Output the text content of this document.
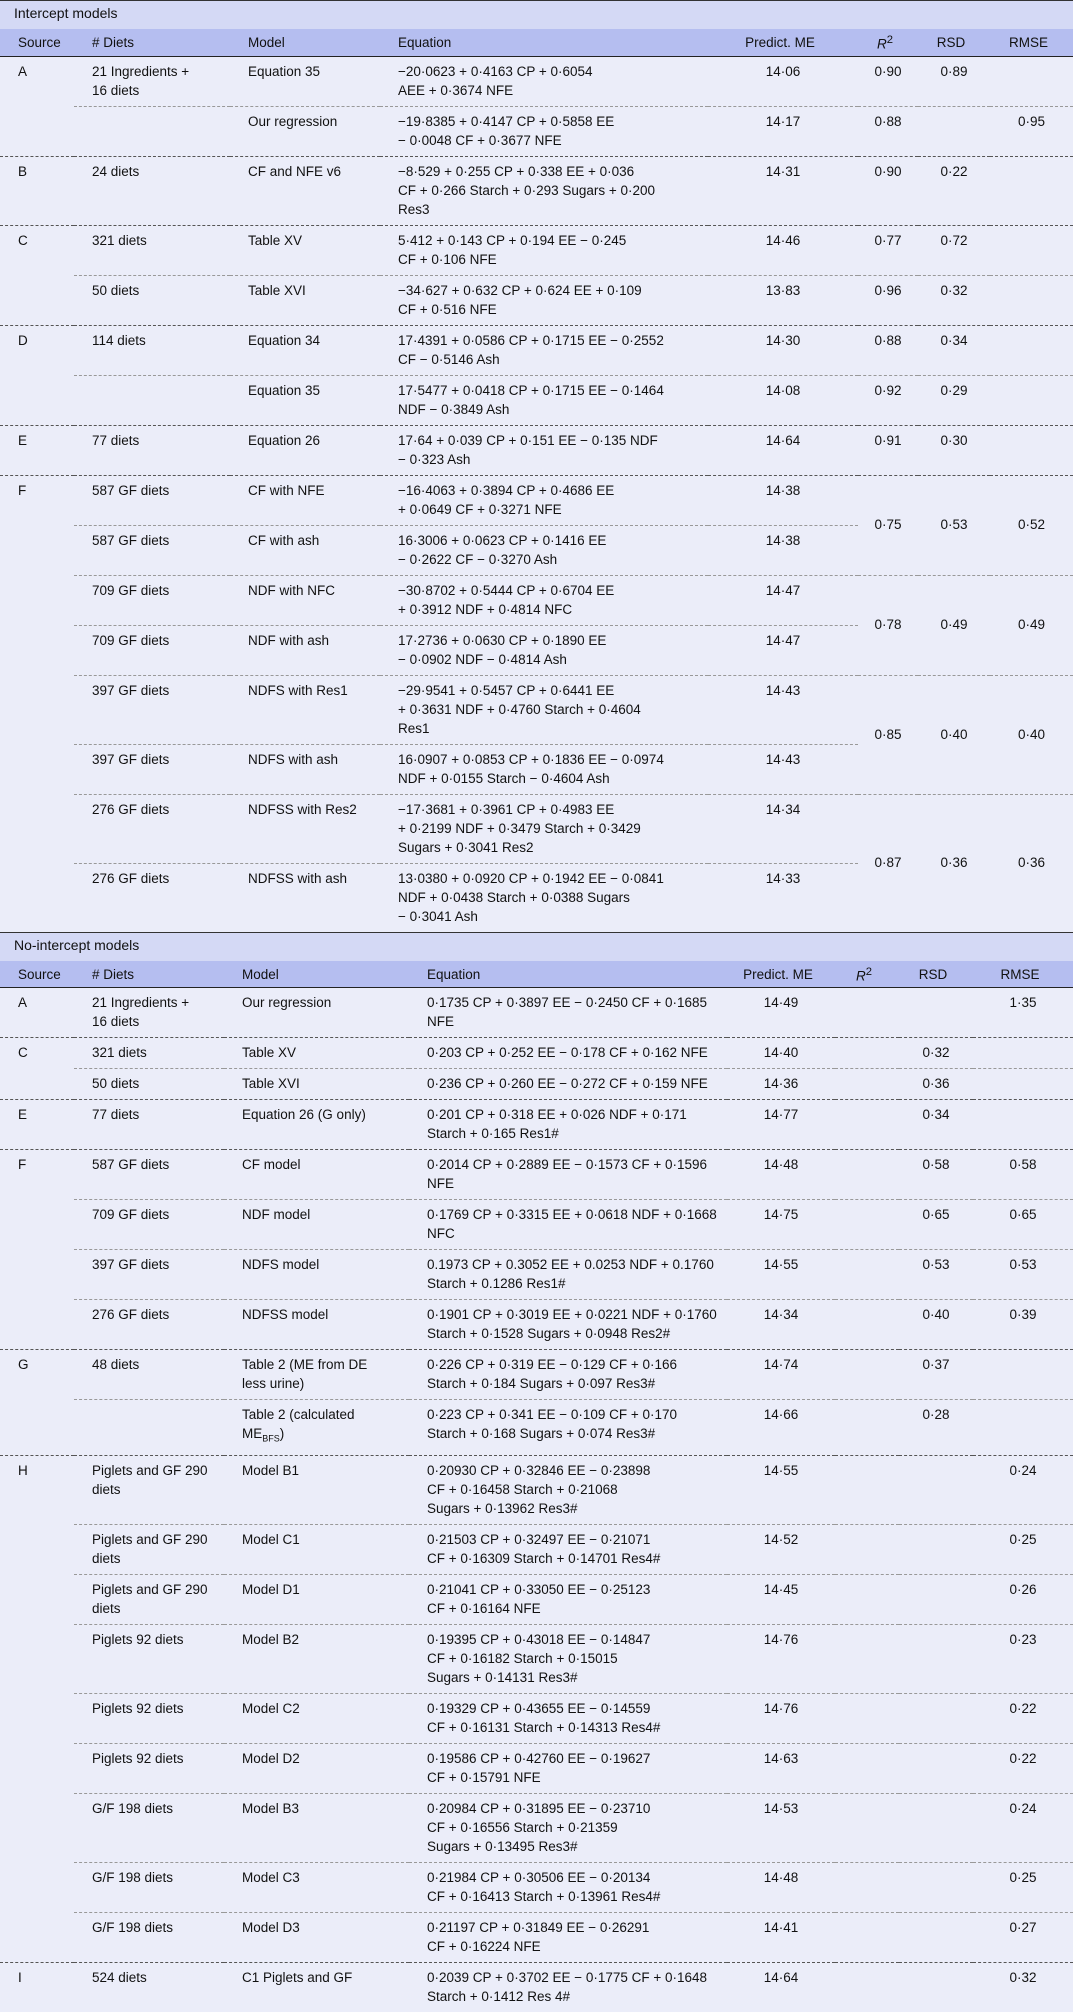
Intercept models
Source	# Diets	Model	Equation	Predict. ME	$R^2$	RSD	RMSE
A	21 Ingredients +
16 diets	Equation 35	−20·0623 + 0·4163 CP + 0·6054
AEE + 0·3674 NFE	14·06	0·90	0·89	
		Our regression	−19·8385 + 0·4147 CP + 0·5858 EE
− 0·0048 CF + 0·3677 NFE	14·17	0·88		0·95
B	24 diets	CF and NFE v6	−8·529 + 0·255 CP + 0·338 EE + 0·036
CF + 0·266 Starch + 0·293 Sugars + 0·200
Res3	14·31	0·90	0·22	
C	321 diets	Table XV	5·412 + 0·143 CP + 0·194 EE − 0·245
CF + 0·106 NFE	14·46	0·77	0·72	
	50 diets	Table XVI	−34·627 + 0·632 CP + 0·624 EE + 0·109
CF + 0·516 NFE	13·83	0·96	0·32	
D	114 diets	Equation 34	17·4391 + 0·0586 CP + 0·1715 EE − 0·2552
CF − 0·5146 Ash	14·30	0·88	0·34	
		Equation 35	17·5477 + 0·0418 CP + 0·1715 EE − 0·1464
NDF − 0·3849 Ash	14·08	0·92	0·29	
E	77 diets	Equation 26	17·64 + 0·039 CP + 0·151 EE − 0·135 NDF
− 0·323 Ash	14·64	0·91	0·30	
F	587 GF diets	CF with NFE	−16·4063 + 0·3894 CP + 0·4686 EE
+ 0·0649 CF + 0·3271 NFE	14·38	0·75	0·53	0·52
	587 GF diets	CF with ash	16·3006 + 0·0623 CP + 0·1416 EE
− 0·2622 CF − 0·3270 Ash	14·38			
	709 GF diets	NDF with NFC	−30·8702 + 0·5444 CP + 0·6704 EE
+ 0·3912 NDF + 0·4814 NFC	14·47	0·78	0·49	0·49
	709 GF diets	NDF with ash	17·2736 + 0·0630 CP + 0·1890 EE
− 0·0902 NDF − 0·4814 Ash	14·47			
	397 GF diets	NDFS with Res1	−29·9541 + 0·5457 CP + 0·6441 EE
+ 0·3631 NDF + 0·4760 Starch + 0·4604
Res1	14·43	0·85	0·40	0·40
	397 GF diets	NDFS with ash	16·0907 + 0·0853 CP + 0·1836 EE − 0·0974
NDF + 0·0155 Starch − 0·4604 Ash	14·43			
	276 GF diets	NDFSS with Res2	−17·3681 + 0·3961 CP + 0·4983 EE
+ 0·2199 NDF + 0·3479 Starch + 0·3429
Sugars + 0·3041 Res2	14·34	0·87	0·36	0·36
	276 GF diets	NDFSS with ash	13·0380 + 0·0920 CP + 0·1942 EE − 0·0841
NDF + 0·0438 Starch + 0·0388 Sugars
− 0·3041 Ash	14·33			
No-intercept models
Source	# Diets	Model	Equation	Predict. ME	$R^2$	RSD	RMSE
A	21 Ingredients +
16 diets	Our regression	0·1735 CP + 0·3897 EE − 0·2450 CF + 0·1685
NFE	14·49			1·35
C	321 diets	Table XV	0·203 CP + 0·252 EE − 0·178 CF + 0·162 NFE	14·40		0·32	
	50 diets	Table XVI	0·236 CP + 0·260 EE − 0·272 CF + 0·159 NFE	14·36		0·36	
E	77 diets	Equation 26 (G only)	0·201 CP + 0·318 EE + 0·026 NDF + 0·171
Starch + 0·165 Res1#	14·77		0·34	
F	587 GF diets	CF model	0·2014 CP + 0·2889 EE − 0·1573 CF + 0·1596
NFE	14·48		0·58	0·58
	709 GF diets	NDF model	0·1769 CP + 0·3315 EE + 0·0618 NDF + 0·1668
NFC	14·75		0·65	0·65
	397 GF diets	NDFS model	0.1973 CP + 0.3052 EE + 0.0253 NDF + 0.1760
Starch + 0.1286 Res1#	14·55		0·53	0·53
	276 GF diets	NDFSS model	0·1901 CP + 0·3019 EE + 0·0221 NDF + 0·1760
Starch + 0·1528 Sugars + 0·0948 Res2#	14·34		0·40	0·39
G	48 diets	Table 2 (ME from DE
less urine)	0·226 CP + 0·319 EE − 0·129 CF + 0·166
Starch + 0·184 Sugars + 0·097 Res3#	14·74		0·37	
		Table 2 (calculated
$ME_{BFS}$)	0·223 CP + 0·341 EE − 0·109 CF + 0·170
Starch + 0·168 Sugars + 0·074 Res3#	14·66		0·28	
H	Piglets and GF 290
diets	Model B1	0·20930 CP + 0·32846 EE − 0·23898
CF + 0·16458 Starch + 0·21068
Sugars + 0·13962 Res3#	14·55			0·24
	Piglets and GF 290
diets	Model C1	0·21503 CP + 0·32497 EE − 0·21071
CF + 0·16309 Starch + 0·14701 Res4#	14·52			0·25
	Piglets and GF 290
diets	Model D1	0·21041 CP + 0·33050 EE − 0·25123
CF + 0·16164 NFE	14·45			0·26
	Piglets 92 diets	Model B2	0·19395 CP + 0·43018 EE − 0·14847
CF + 0·16182 Starch + 0·15015
Sugars + 0·14131 Res3#	14·76			0·23
	Piglets 92 diets	Model C2	0·19329 CP + 0·43655 EE − 0·14559
CF + 0·16131 Starch + 0·14313 Res4#	14·76			0·22
	Piglets 92 diets	Model D2	0·19586 CP + 0·42760 EE − 0·19627
CF + 0·15791 NFE	14·63			0·22
	G/F 198 diets	Model B3	0·20984 CP + 0·31895 EE − 0·23710
CF + 0·16556 Starch + 0·21359
Sugars + 0·13495 Res3#	14·53			0·24
	G/F 198 diets	Model C3	0·21984 CP + 0·30506 EE − 0·20134
CF + 0·16413 Starch + 0·13961 Res4#	14·48			0·25
	G/F 198 diets	Model D3	0·21197 CP + 0·31849 EE − 0·26291
CF + 0·16224 NFE	14·41			0·27
I	524 diets	C1 Piglets and GF	0·2039 CP + 0·3702 EE − 0·1775 CF + 0·1648
Starch + 0·1412 Res 4#	14·64			0·32
